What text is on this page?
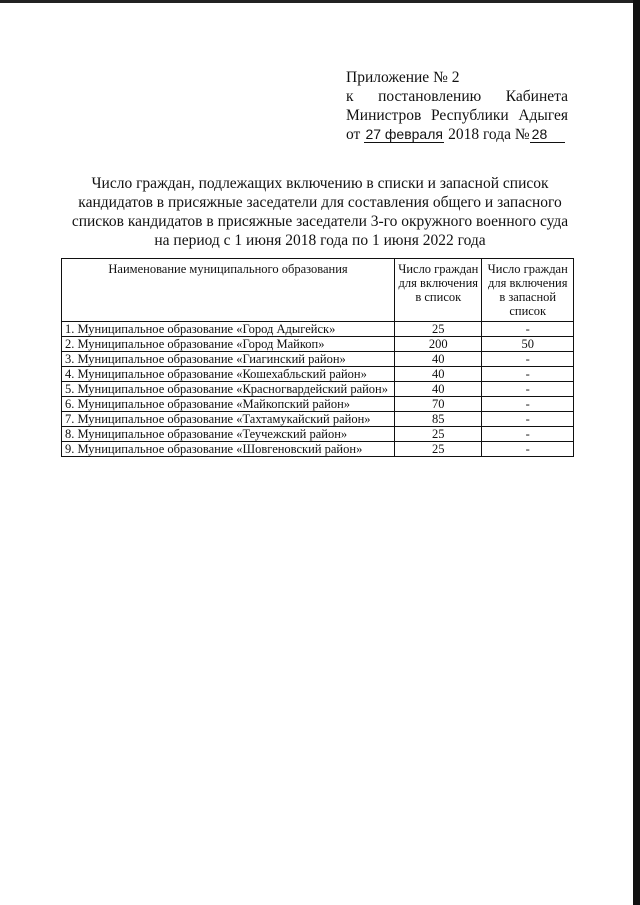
Приложение № 2
к постановлению Кабинета
Министров Республики Адыгея
от 27 февраля 2018 года № 28
Число граждан, подлежащих включению в списки и запасной список
кандидатов в присяжные заседатели для составления общего и запасного
списков кандидатов в присяжные заседатели 3-го окружного военного суда
на период с 1 июня 2018 года по 1 июня 2022 года
Наименование муниципального образования	Число граждан для включения в список	Число граждан для включения в запасной список
1. Муниципальное образование «Город Адыгейск»	25	-
2. Муниципальное образование «Город Майкоп»	200	50
3. Муниципальное образование «Гиагинский район»	40	-
4. Муниципальное образование «Кошехабльский район»	40	-

5. Муниципальное образование «Красногвардейский район»	40	-
6. Муниципальное образование «Майкопский район»	70	-
7. Муниципальное образование «Тахтамукайский район»	85	-
8. Муниципальное образование «Теучежский район»	25	-
9. Муниципальное образование «Шовгеновский район»	25	-
